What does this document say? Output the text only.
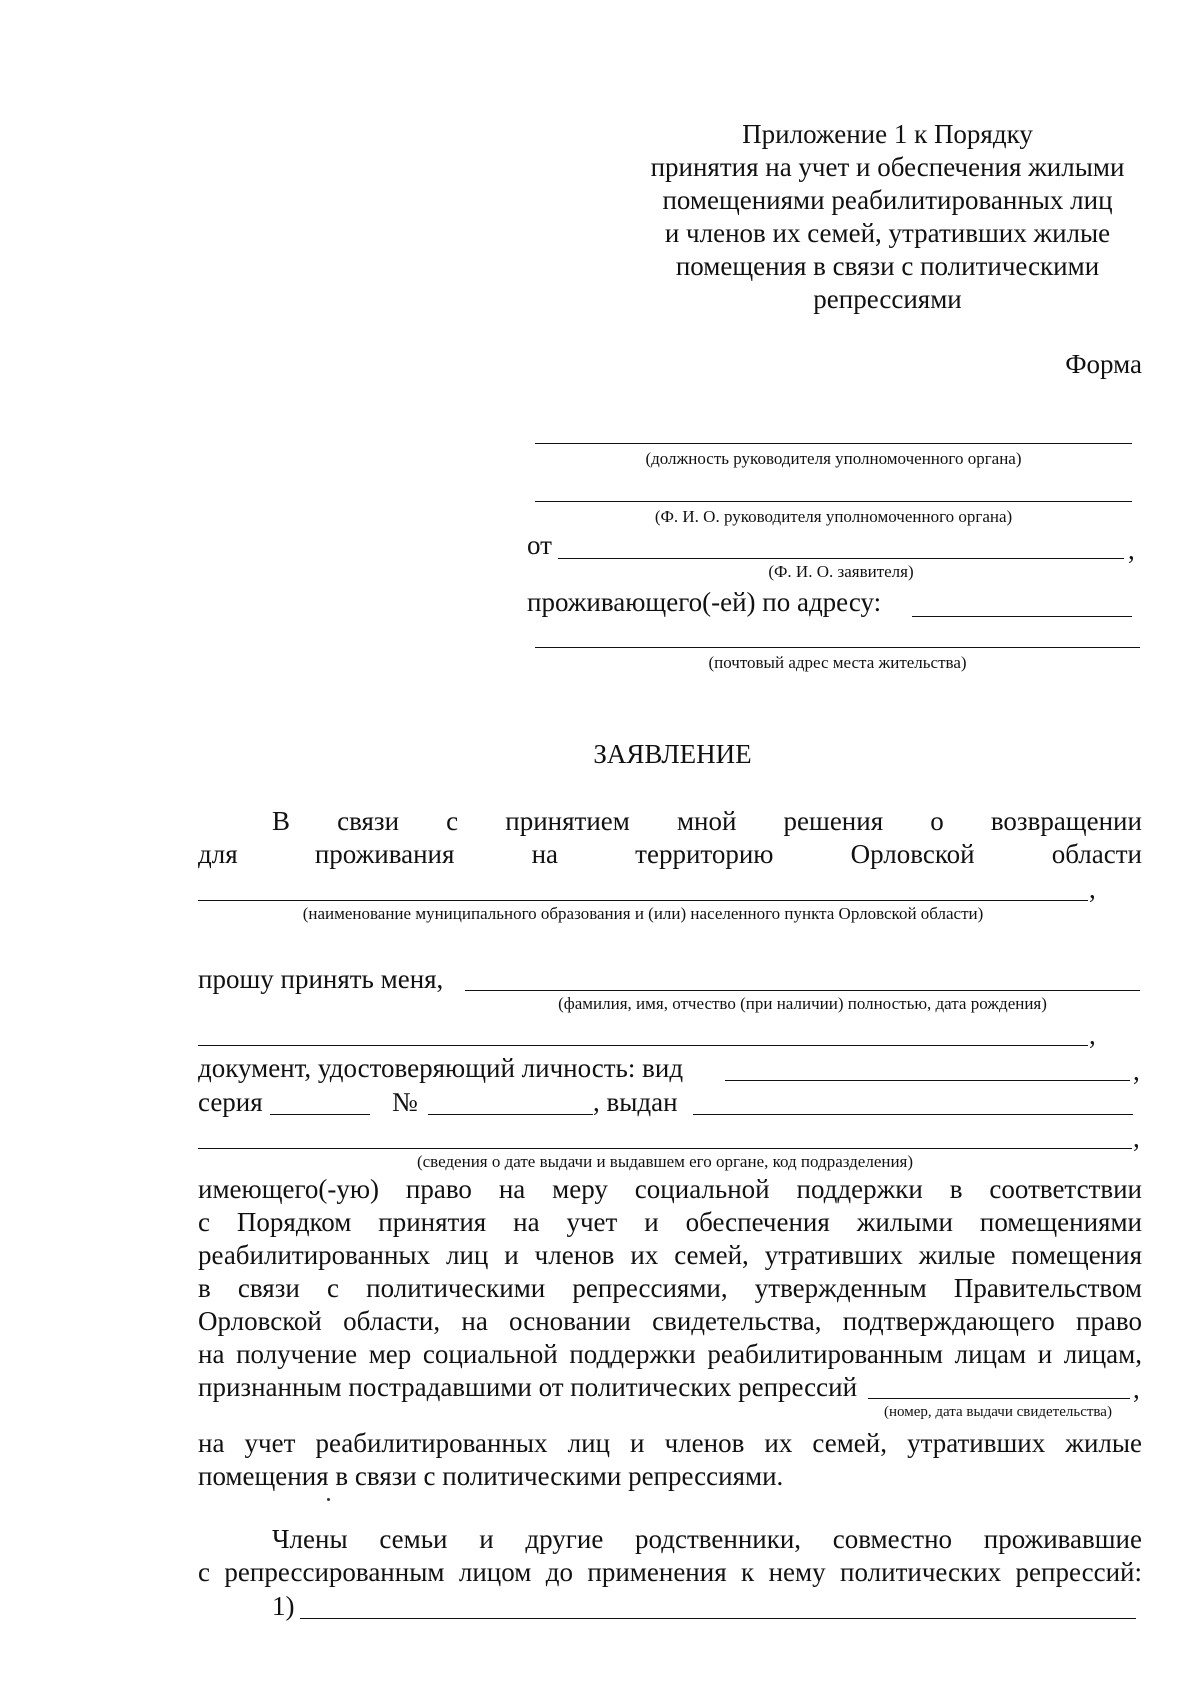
Приложение 1 к Порядку
принятия на учет и обеспечения жилыми
помещениями реабилитированных лиц
и членов их семей, утративших жилые
помещения в связи с политическими
репрессиями
Форма
(должность руководителя уполномоченного органа)
(Ф. И. О. руководителя уполномоченного органа)
от	,
(Ф. И. О. заявителя)
проживающего(-ей) по адресу:
(почтовый адрес места жительства)
ЗАЯВЛЕНИЕ
В связи с принятием мной решения о возвращении
для	проживания	на	территорию	Орловской	области
,
(наименование муниципального образования и (или) населенного пункта Орловской области)
прошу принять меня,
(фамилия, имя, отчество (при наличии) полностью, дата рождения)
,
документ, удостоверяющий личность: вид	,
серия	№	, выдан
,
(сведения о дате выдачи и выдавшем его органе, код подразделения)
имеющего(-ую) право на меру социальной поддержки в соответствии
с Порядком принятия на учет и обеспечения жилыми помещениями
реабилитированных лиц и членов их семей, утративших жилые помещения
в связи с политическими репрессиями, утвержденным Правительством
Орловской области, на основании свидетельства, подтверждающего право
на получение мер социальной поддержки реабилитированным лицам и лицам,
признанным пострадавшими от политических репрессий	,
(номер, дата выдачи свидетельства)
на учет реабилитированных лиц и членов их семей, утративших жилые
помещения в связи с политическими репрессиями.
Члены семьи и другие родственники, совместно проживавшие
с репрессированным лицом до применения к нему политических репрессий:
1)
